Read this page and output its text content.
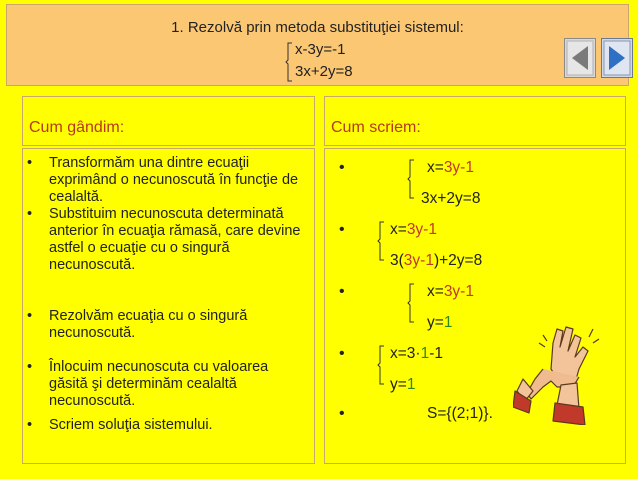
1. Rezolvă prin metoda substituţiei sistemul:
x-3y=-1
3x+2y=8
Cum gândim:	Cum scriem:
• Transformăm una dintre ecuaţii exprimând o necunoscută în funcţie de cealaltă.
• Substituim necunoscuta determinată anterior în ecuaţia rămasă, care devine astfel o ecuaţie cu o singură necunoscută.
• Rezolvăm ecuaţia cu o singură necunoscută.
• Înlocuim necunoscuta cu valoarea găsită şi determinăm cealaltă necunoscută.
• Scriem soluţia sistemului.
•	x=3y-1
3x+2y=8
•	x=3y-1
3(3y-1)+2y=8
•	x=3y-1
y=1
•	x=3·1-1
y=1
•	S={(2;1)}.
